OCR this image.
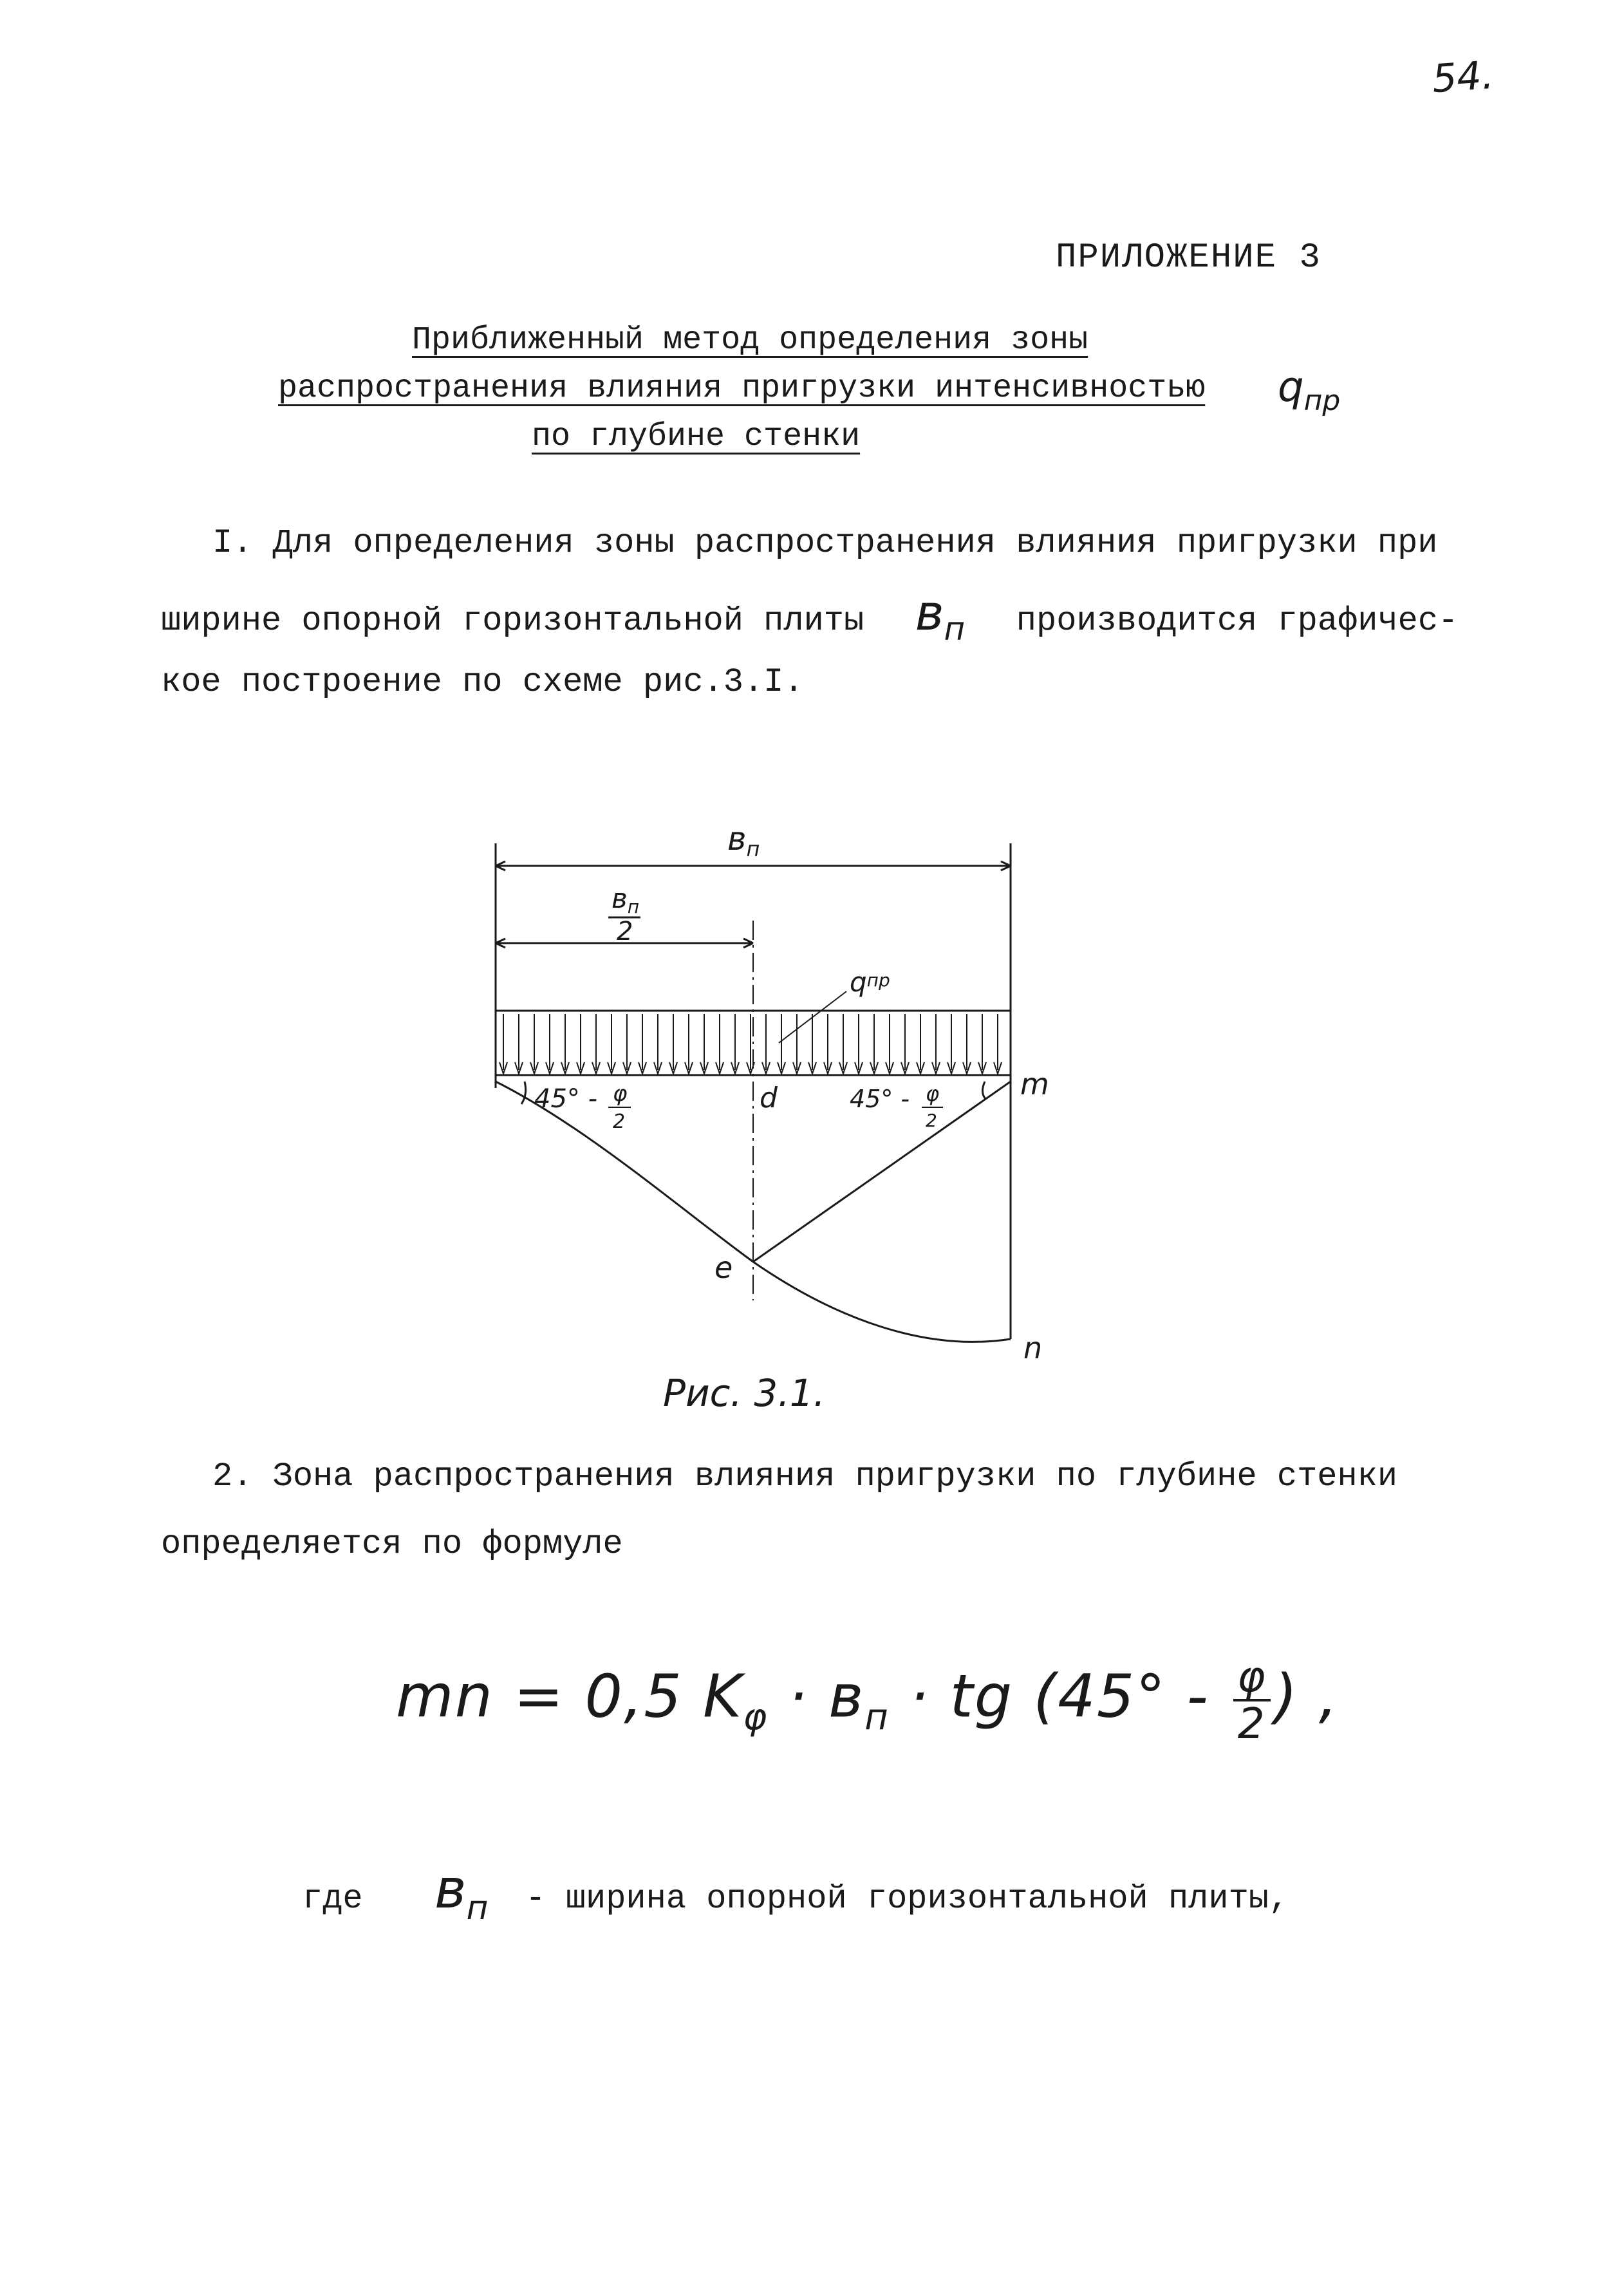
54.
ПРИЛОЖЕНИЕ 3
Приближенный метод определения зоны
распространения влияния пригрузки интенсивностью $q_{пр}$
по глубине стенки
I. Для определения зоны распространения влияния пригрузки при
ширине опорной горизонтальной плиты $в_п$ производится графичес-
кое построение по схеме рис.3.I.
$в_п$
вп
2
qпр
45° - φ
2
d	45° - φ
2
m
e
n
Рис. 3.1.
2. Зона распространения влияния пригрузки по глубине стенки
определяется по формуле
mn = 0,5 $K_\varphi \cdot в_п$ · tg ($45^\circ - \frac{\varphi}{2}$ ) ,
где $в_п$ - ширина опорной горизонтальной плиты,
